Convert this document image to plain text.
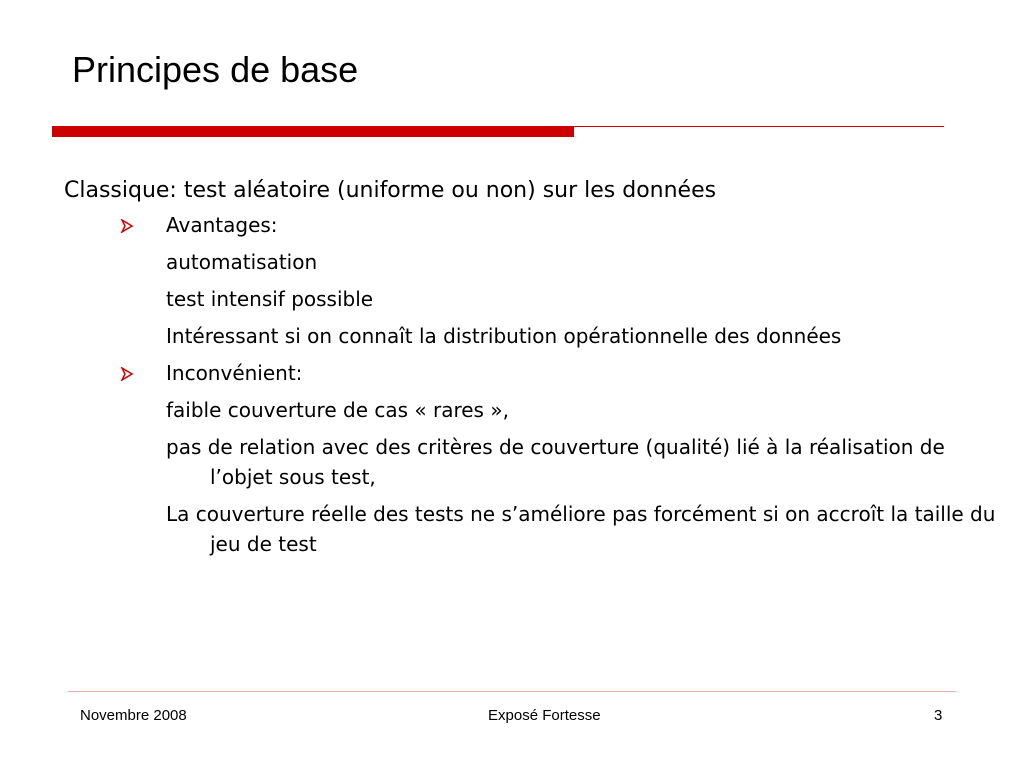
Principes de base

Classique: test aléatoire (uniforme ou non) sur les données

Avantages:
automatisation
test intensif possible
Intéressant si on connaît la distribution opérationnelle des données
Inconvénient:
faible couverture de cas « rares »,
pas de relation avec des critères de couverture (qualité) lié à la réalisation de l’objet sous test,
La couverture réelle des tests ne s’améliore pas forcément si on accroît la taille du jeu de test
Novembre 2008	Exposé Fortesse	3
